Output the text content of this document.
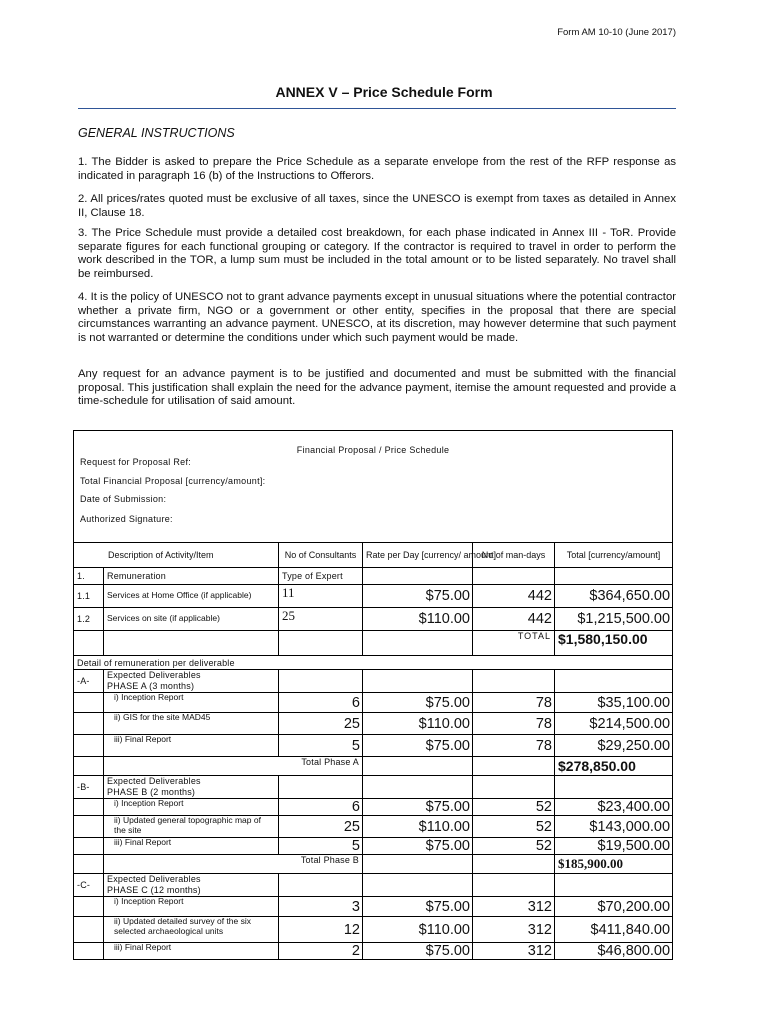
Form AM 10-10 (June 2017)
ANNEX V – Price Schedule Form
GENERAL INSTRUCTIONS
1. The Bidder is asked to prepare the Price Schedule as a separate envelope from the rest of the RFP response as indicated in paragraph 16 (b) of the Instructions to Offerors.
2. All prices/rates quoted must be exclusive of all taxes, since the UNESCO is exempt from taxes as detailed in Annex II, Clause 18.
3. The Price Schedule must provide a detailed cost breakdown, for each phase indicated in Annex III - ToR. Provide separate figures for each functional grouping or category. If the contractor is required to travel in order to perform the work described in the TOR, a lump sum must be included in the total amount or to be listed separately. No travel shall be reimbursed.
4. It is the policy of UNESCO not to grant advance payments except in unusual situations where the potential contractor whether a private firm, NGO or a government or other entity, specifies in the proposal that there are special circumstances warranting an advance payment. UNESCO, at its discretion, may however determine that such payment is not warranted or determine the conditions under which such payment would be made.
Any request for an advance payment is to be justified and documented and must be submitted with the financial proposal. This justification shall explain the need for the advance payment, itemise the amount requested and provide a time-schedule for utilisation of said amount.
Financial Proposal / Price Schedule
Request for Proposal Ref:
Total Financial Proposal [currency/amount]:
Date of Submission:
Authorized Signature:					

Description of Activity/Item		No of Consultants	Rate per Day [currency/ amount]	No of man-days	Total [currency/amount]
1.	Remuneration	Type of Expert			
1.1	Services at Home Office (if applicable)	11	$75.00	442	$364,650.00
1.2	Services on site (if applicable)	25	$110.00	442	$1,215,500.00
				TOTAL	$1,580,150.00
Detail of remuneration per deliverable					
-A-	Expected Deliverables
PHASE A (3 months)				

	i) Inception Report	6	$75.00	78	$35,100.00
	ii) GIS for the site MAD45	25	$110.00	78	$214,500.00
	iii) Final Report	5	$75.00	78	$29,250.00
	Total Phase A				$278,850.00
-B-	Expected Deliverables
PHASE B (2 months)				

	i) Inception Report	6	$75.00	52	$23,400.00
	ii) Updated general topographic map of the site	25	$110.00	52	$143,000.00
	iii) Final Report	5	$75.00	52	$19,500.00
	Total Phase B				$185,900.00
-C-	Expected Deliverables
PHASE C (12 months)				

	i) Inception Report	3	$75.00	312	$70,200.00
	ii) Updated detailed survey of the six selected archaeological units	12	$110.00	312	$411,840.00
	iii) Final Report	2	$75.00	312	$46,800.00
